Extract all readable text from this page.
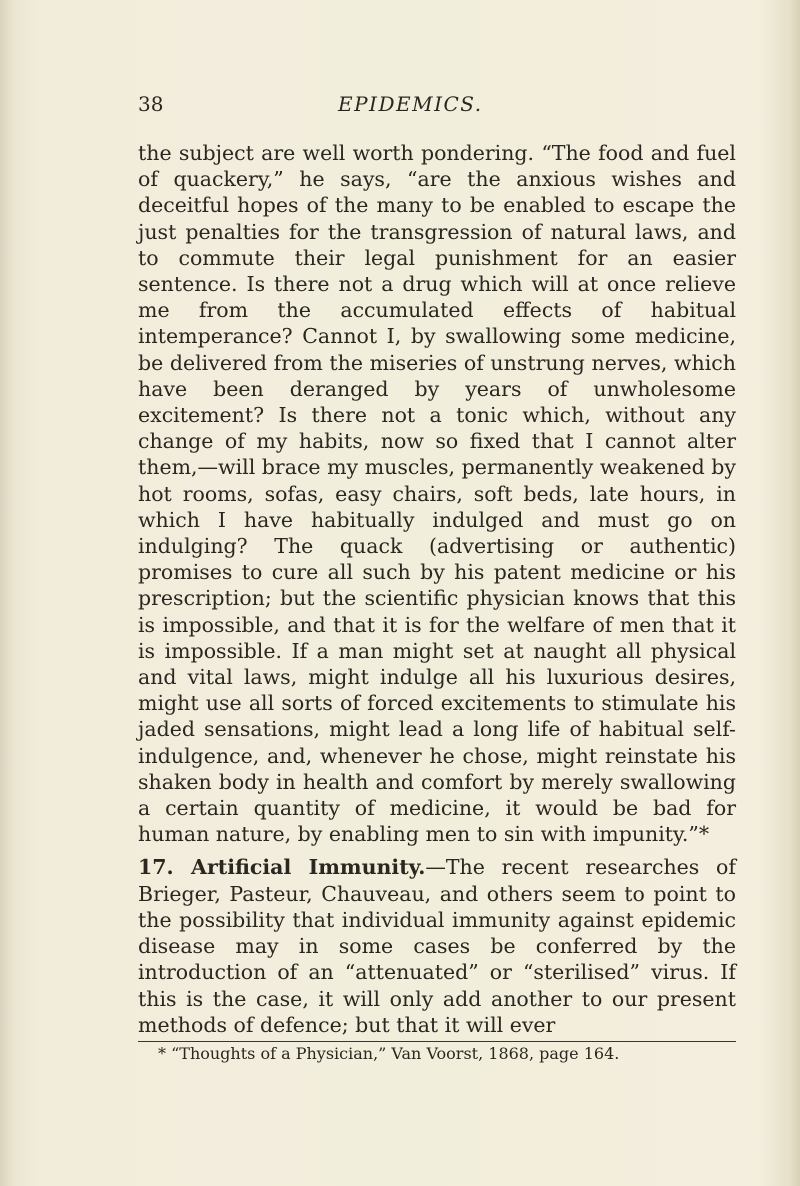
38	EPIDEMICS.

the subject are well worth pondering. “The food and fuel of quackery,” he says, “are the anxious wishes and deceitful hopes of the many to be enabled to escape the just penalties for the transgression of natural laws, and to commute their legal punishment for an easier sentence. Is there not a drug which will at once relieve me from the accumulated effects of habitual intemperance? Cannot I, by swallowing some medicine, be delivered from the miseries of unstrung nerves, which have been deranged by years of unwholesome excitement? Is there not a tonic which, without any change of my habits, now so fixed that I cannot alter them,—will brace my muscles, permanently weakened by hot rooms, sofas, easy chairs, soft beds, late hours, in which I have habitually indulged and must go on indulging? The quack (advertising or authentic) promises to cure all such by his patent medicine or his prescription; but the scientific physician knows that this is impossible, and that it is for the welfare of men that it is impossible. If a man might set at naught all physical and vital laws, might indulge all his luxurious desires, might use all sorts of forced excitements to stimulate his jaded sensations, might lead a long life of habitual self-indulgence, and, whenever he chose, might reinstate his shaken body in health and comfort by merely swallowing a certain quantity of medicine, it would be bad for human nature, by enabling men to sin with impunity.”*

17. Artificial Immunity.—The recent researches of Brieger, Pasteur, Chauveau, and others seem to point to the possibility that individual immunity against epidemic disease may in some cases be conferred by the introduction of an “attenuated” or “sterilised” virus. If this is the case, it will only add another to our present methods of defence; but that it will ever

* “Thoughts of a Physician,” Van Voorst, 1868, page 164.
